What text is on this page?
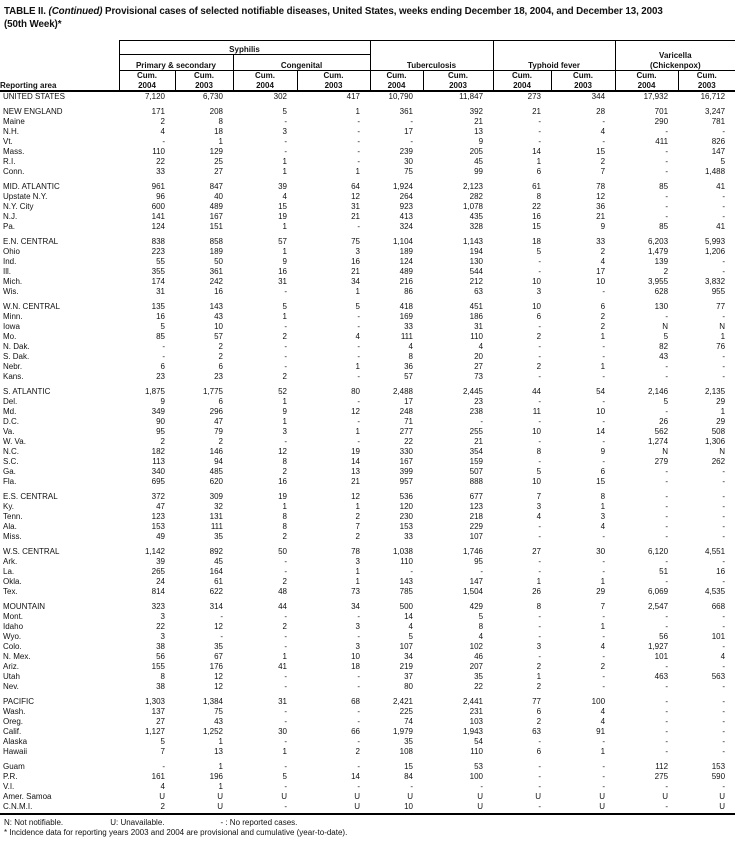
TABLE II. (Continued) Provisional cases of selected notifiable diseases, United States, weeks ending December 18, 2004, and December 13, 2003
(50th Week)*
Reporting area	Syphilis				Tuberculosis		Typhoid fever		Varicella
(Chickenpox)	

	Primary & secondary		Congenital							

	Cum.
2004	Cum.
2003	Cum.
2004	Cum.
2003	Cum.
2004	Cum.
2003	Cum.
2004	Cum.
2003	Cum.
2004	Cum.
2003

UNITED STATES	7,120	6,730	302	417	10,790	11,847	273	344	17,932	16,712

NEW ENGLAND	171	208	5	1	361	392	21	28	701	3,247
Maine	2	8	-	-	-	21	-	-	290	781
N.H.	4	18	3	-	17	13	-	4	-	-
Vt.	-	1	-	-	-	9	-	-	411	826
Mass.	110	129	-	-	239	205	14	15	-	147
R.I.	22	25	1	-	30	45	1	2	-	5
Conn.	33	27	1	1	75	99	6	7	-	1,488

MID. ATLANTIC	961	847	39	64	1,924	2,123	61	78	85	41
Upstate N.Y.	96	40	4	12	264	282	8	12	-	-
N.Y. City	600	489	15	31	923	1,078	22	36	-	-
N.J.	141	167	19	21	413	435	16	21	-	-
Pa.	124	151	1	-	324	328	15	9	85	41

E.N. CENTRAL	838	858	57	75	1,104	1,143	18	33	6,203	5,993
Ohio	223	189	1	3	189	194	5	2	1,479	1,206
Ind.	55	50	9	16	124	130	-	4	139	-
Ill.	355	361	16	21	489	544	-	17	2	-
Mich.	174	242	31	34	216	212	10	10	3,955	3,832
Wis.	31	16	-	1	86	63	3	-	628	955

W.N. CENTRAL	135	143	5	5	418	451	10	6	130	77
Minn.	16	43	1	-	169	186	6	2	-	-
Iowa	5	10	-	-	33	31	-	2	N	N
Mo.	85	57	2	4	111	110	2	1	5	1
N. Dak.	-	2	-	-	4	4	-	-	82	76
S. Dak.	-	2	-	-	8	20	-	-	43	-
Nebr.	6	6	-	1	36	27	2	1	-	-
Kans.	23	23	2	-	57	73	-	-	-	-

S. ATLANTIC	1,875	1,775	52	80	2,488	2,445	44	54	2,146	2,135
Del.	9	6	1	-	17	23	-	-	5	29
Md.	349	296	9	12	248	238	11	10	-	1
D.C.	90	47	1	-	71	-	-	-	26	29
Va.	95	79	3	1	277	255	10	14	562	508
W. Va.	2	2	-	-	22	21	-	-	1,274	1,306
N.C.	182	146	12	19	330	354	8	9	N	N
S.C.	113	94	8	14	167	159	-	-	279	262
Ga.	340	485	2	13	399	507	5	6	-	-
Fla.	695	620	16	21	957	888	10	15	-	-

E.S. CENTRAL	372	309	19	12	536	677	7	8	-	-
Ky.	47	32	1	1	120	123	3	1	-	-
Tenn.	123	131	8	2	230	218	4	3	-	-
Ala.	153	111	8	7	153	229	-	4	-	-
Miss.	49	35	2	2	33	107	-	-	-	-

W.S. CENTRAL	1,142	892	50	78	1,038	1,746	27	30	6,120	4,551
Ark.	39	45	-	3	110	95	-	-	-	-
La.	265	164	-	1	-	-	-	-	51	16
Okla.	24	61	2	1	143	147	1	1	-	-
Tex.	814	622	48	73	785	1,504	26	29	6,069	4,535

MOUNTAIN	323	314	44	34	500	429	8	7	2,547	668
Mont.	3	-	-	-	14	5	-	-	-	-
Idaho	22	12	2	3	4	8	-	1	-	-
Wyo.	3	-	-	-	5	4	-	-	56	101
Colo.	38	35	-	3	107	102	3	4	1,927	-
N. Mex.	56	67	1	10	34	46	-	-	101	4
Ariz.	155	176	41	18	219	207	2	2	-	-
Utah	8	12	-	-	37	35	1	-	463	563
Nev.	38	12	-	-	80	22	2	-	-	-

PACIFIC	1,303	1,384	31	68	2,421	2,441	77	100	-	-
Wash.	137	75	-	-	225	231	6	4	-	-
Oreg.	27	43	-	-	74	103	2	4	-	-
Calif.	1,127	1,252	30	66	1,979	1,943	63	91	-	-
Alaska	5	1	-	-	35	54	-	-	-	-
Hawaii	7	13	1	2	108	110	6	1	-	-

Guam	-	1	-	-	15	53	-	-	112	153
P.R.	161	196	5	14	84	100	-	-	275	590
V.I.	4	1	-	-	-	-	-	-	-	-
Amer. Samoa	U	U	U	U	U	U	U	U	U	U
C.N.M.I.	2	U	-	U	10	U	-	U	-	U
N: Not notifiable.	U: Unavailable.	- : No reported cases.
* Incidence data for reporting years 2003 and 2004 are provisional and cumulative (year-to-date).
